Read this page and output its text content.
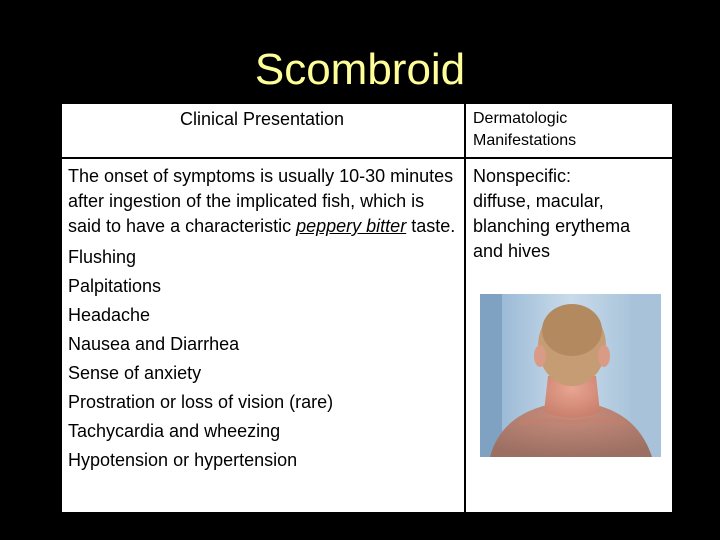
Scombroid
Clinical Presentation	Dermatologic
Manifestations

The onset of symptoms is usually 10-30 minutes after ingestion of the implicated fish, which is said to have a characteristic peppery bitter taste.

Flushing

Palpitations

Headache

Nausea and Diarrhea

Sense of anxiety

Prostration or loss of vision (rare)

Tachycardia and wheezing

Hypotension or hypertension

Nonspecific:
diffuse, macular,
blanching erythema
and hives
